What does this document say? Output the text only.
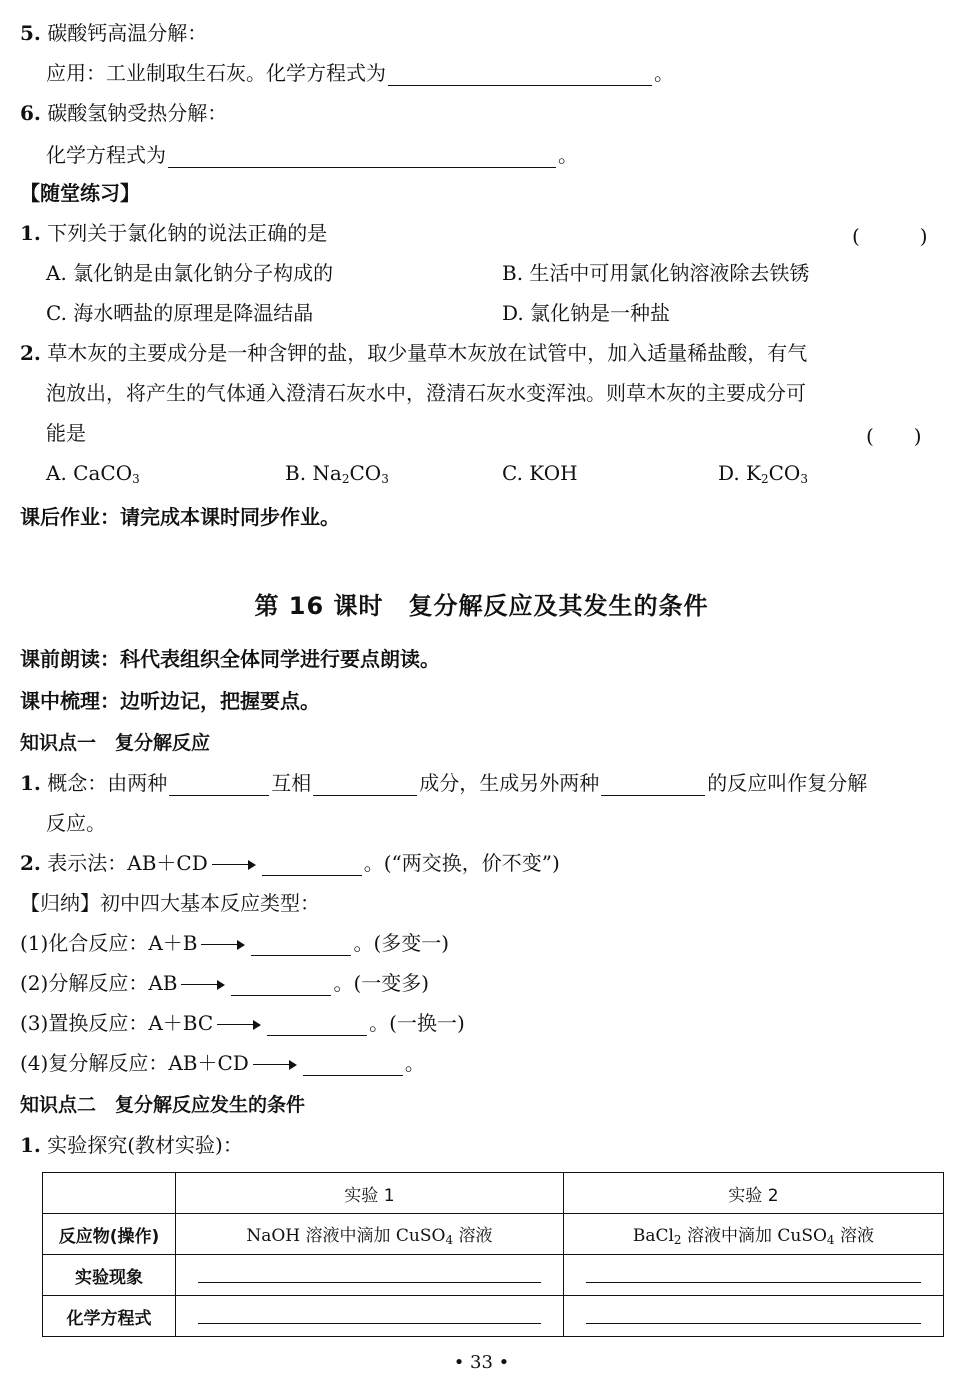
5. 碳酸钙高温分解：
应用：工业制取生石灰。化学方程式为	。
6. 碳酸氢钠受热分解：
化学方程式为	。
【随堂练习】
1. 下列关于氯化钠的说法正确的是	(　　　)
A. 氯化钠是由氯化钠分子构成的	B. 生活中可用氯化钠溶液除去铁锈
C. 海水晒盐的原理是降温结晶	D. 氯化钠是一种盐
2. 草木灰的主要成分是一种含钾的盐，取少量草木灰放在试管中，加入适量稀盐酸，有气
泡放出，将产生的气体通入澄清石灰水中，澄清石灰水变浑浊。则草木灰的主要成分可
能是	(　　)
A. CaCO$_3$	B. $Na_2CO_3$	C. KOH	D. $K_2CO_3$
课后作业：请完成本课时同步作业。
第 16 课时　复分解反应及其发生的条件
课前朗读：科代表组织全体同学进行要点朗读。
课中梳理：边听边记，把握要点。
知识点一　复分解反应
1. 概念：由两种	互相	成分，生成另外两种	的反应叫作复分解
反应。
2. 表示法：AB＋CD	。(“两交换，价不变”)
【归纳】初中四大基本反应类型：
(1)化合反应：A＋B	。(多变一)
(2)分解反应：AB	。(一变多)
(3)置换反应：A＋BC	。(一换一)
(4)复分解反应：AB＋CD	。
知识点二　复分解反应发生的条件
1. 实验探究(教材实验)：
	实验 1	实验 2
反应物(操作)	NaOH 溶液中滴加 CuSO$_4$ 溶液	BaCl$_2$ 溶液中滴加 CuSO$_4$ 溶液
实验现象	

化学方程式	

• 33 •
